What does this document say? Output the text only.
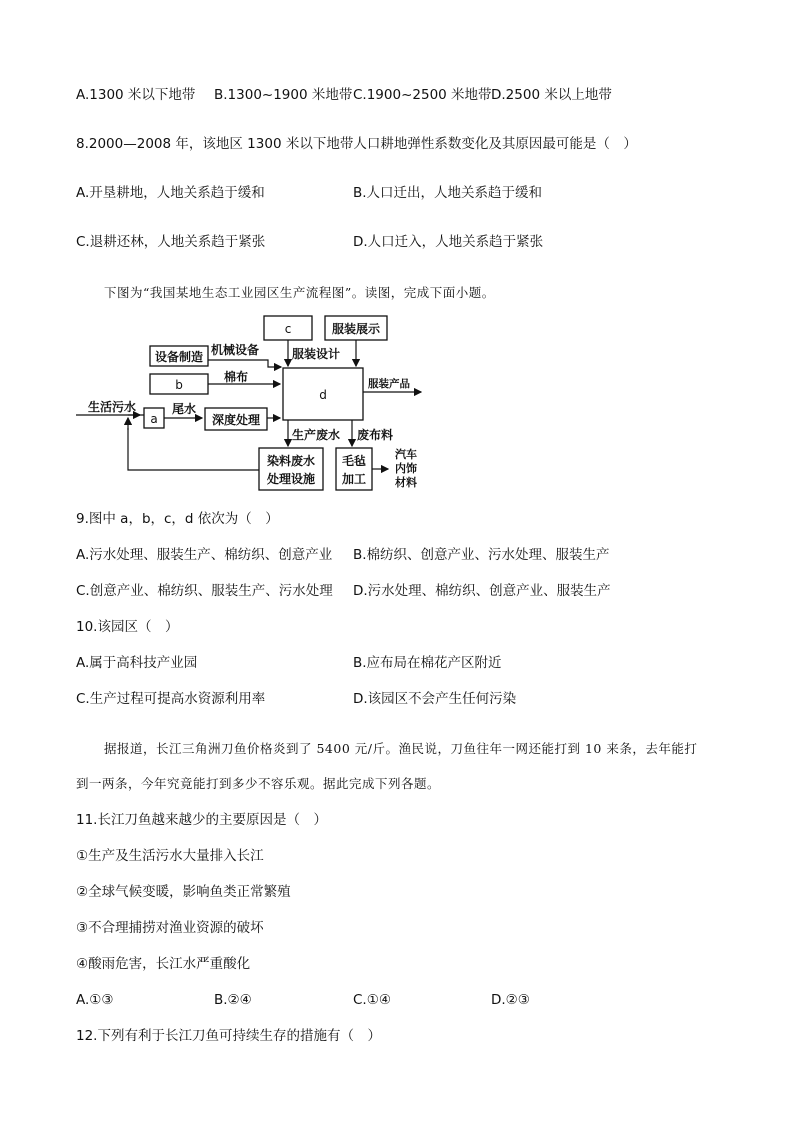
A.1300 米以下地带 B.1300~1900 米地带 C.1900~2500 米地带 D.2500 米以上地带
8.2000—2008 年，该地区 1300 米以下地带人口耕地弹性系数变化及其原因最可能是（　）
A.开垦耕地，人地关系趋于缓和	B.人口迁出，人地关系趋于缓和
C.退耕还林，人地关系趋于紧张	D.人口迁入，人地关系趋于紧张
下图为“我国某地生态工业园区生产流程图”。读图，完成下面小题。
c	服装展示
服装设计
设备制造 机械设备
b
棉布
d
服装产品
生活污水
a
尾水
深度处理
生产废水 废布料
染料废水
处理设施
毛毡
加工
汽车
内饰
材料
9.图中 a，b，c，d 依次为（　）
A.污水处理、服装生产、棉纺织、创意产业 B.棉纺织、创意产业、污水处理、服装生产
C.创意产业、棉纺织、服装生产、污水处理 D.污水处理、棉纺织、创意产业、服装生产
10.该园区（　）
A.属于高科技产业园	B.应布局在棉花产区附近
C.生产过程可提高水资源利用率	D.该园区不会产生任何污染
据报道，长江三角洲刀鱼价格炎到了 5400 元/斤。渔民说，刀鱼往年一网还能打到 10 来条，去年能打
到一两条，今年究竟能打到多少不容乐观。据此完成下列各题。
11.长江刀鱼越来越少的主要原因是（　）
①生产及生活污水大量排入长江
②全球气候变暖，影响鱼类正常繁殖
③不合理捕捞对渔业资源的破坏
④酸雨危害，长江水严重酸化
A.①③	B.②④	C.①④	D.②③
12.下列有利于长江刀鱼可持续生存的措施有（　）
